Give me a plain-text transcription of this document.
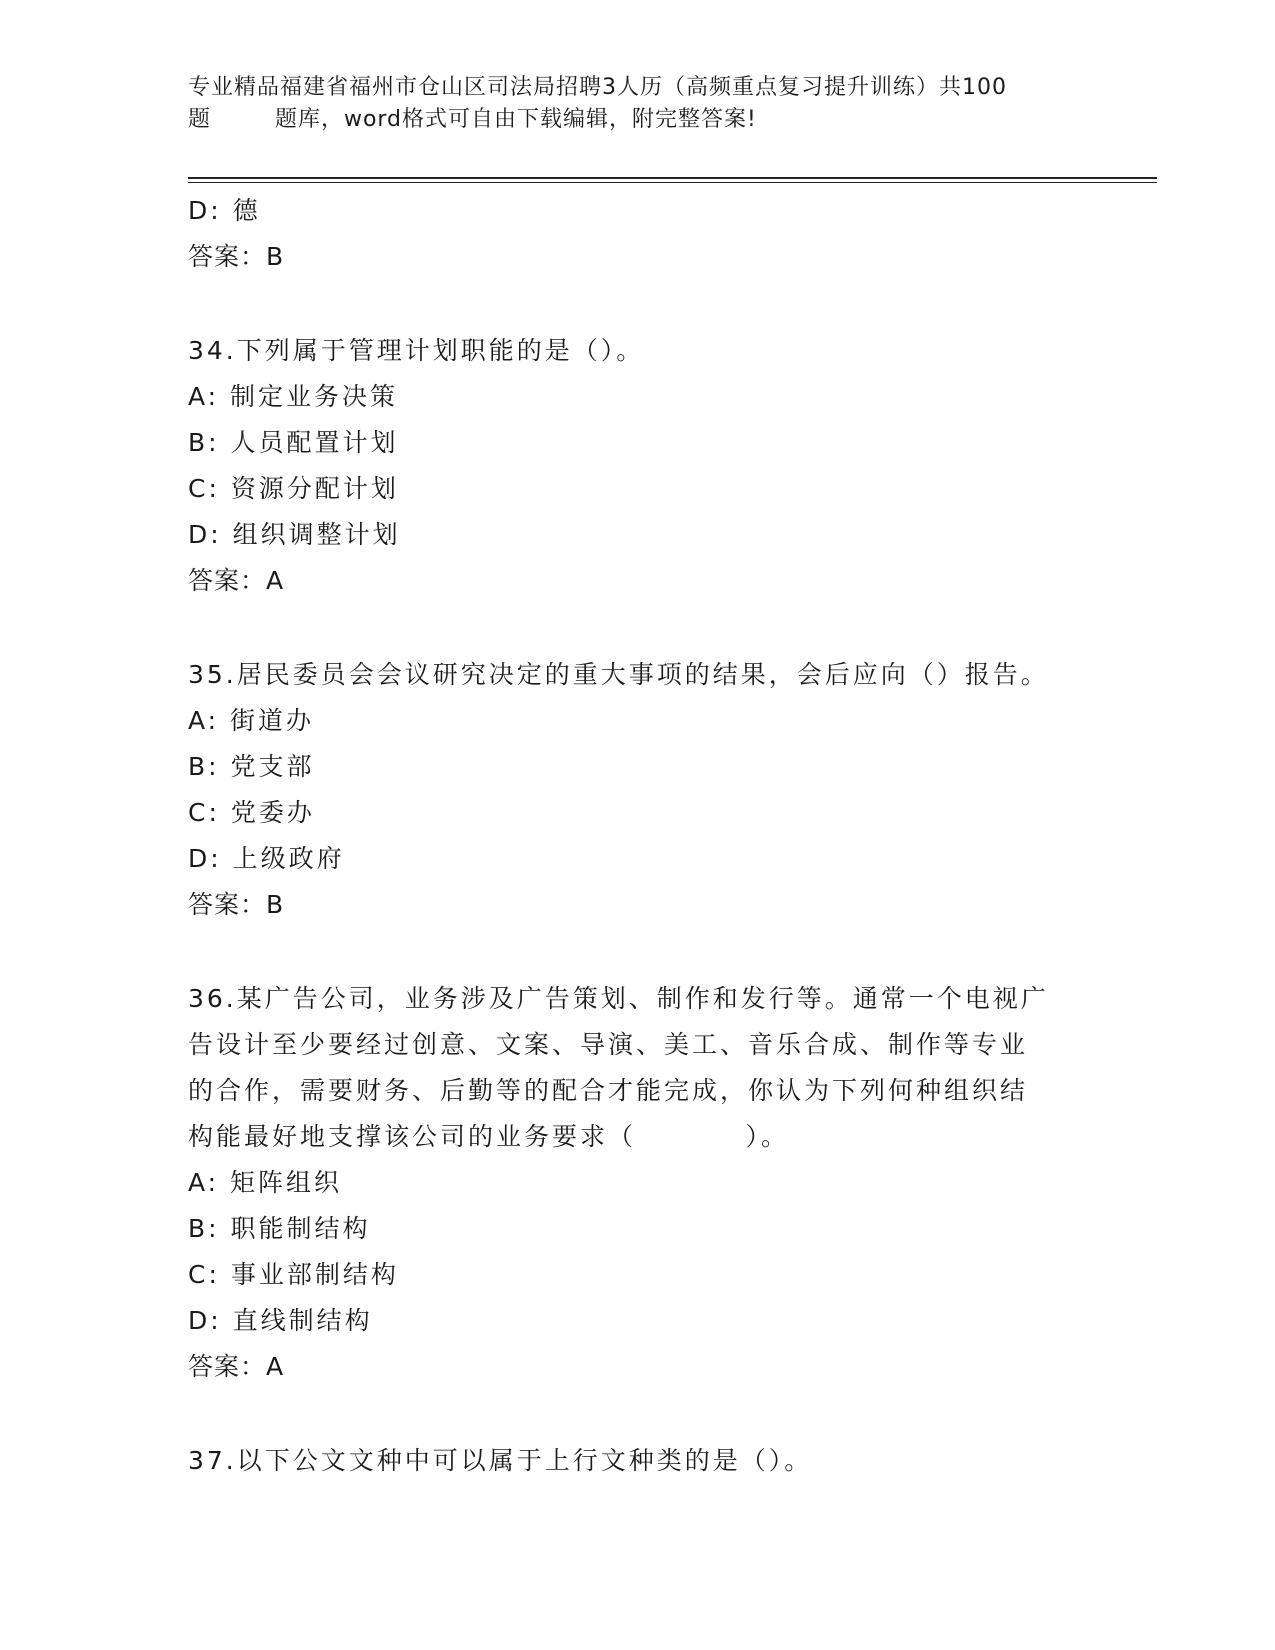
专业精品福建省福州市仓山区司法局招聘3人历（高频重点复习提升训练）共100
题        题库，word格式可自由下载编辑，附完整答案!
D: 德
答案：B
34.下列属于管理计划职能的是（）。
A: 制定业务决策
B: 人员配置计划
C: 资源分配计划
D: 组织调整计划
答案：A
35.居民委员会会议研究决定的重大事项的结果，会后应向（）报告。
A: 街道办
B: 党支部
C: 党委办
D: 上级政府
答案：B
36.某广告公司，业务涉及广告策划、制作和发行等。通常一个电视广
告设计至少要经过创意、文案、导演、美工、音乐合成、制作等专业
的合作，需要财务、后勤等的配合才能完成，你认为下列何种组织结
构能最好地支撑该公司的业务要求（          ）。
A: 矩阵组织
B: 职能制结构
C: 事业部制结构
D: 直线制结构
答案：A
37.以下公文文种中可以属于上行文种类的是（）。
